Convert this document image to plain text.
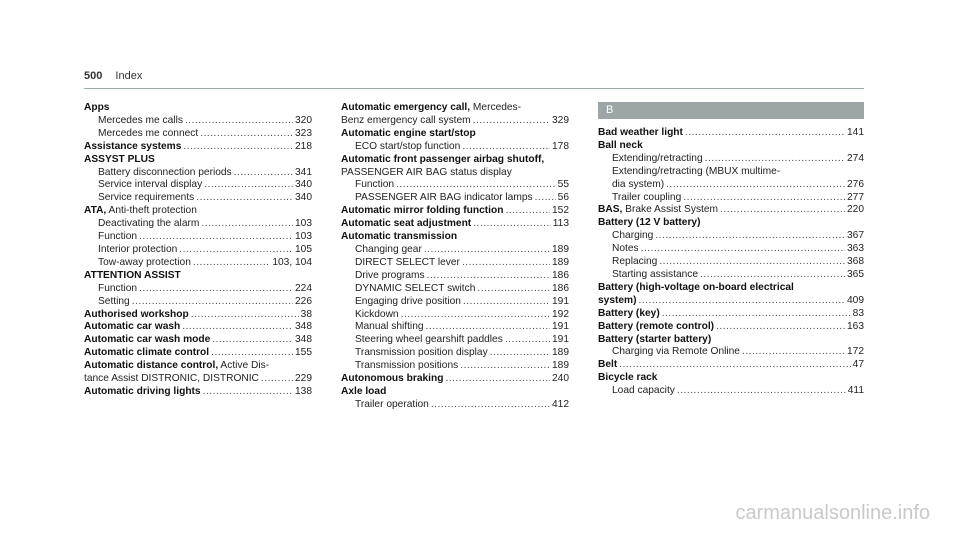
500 Index
Apps
Mercedes me calls .....	320
Mercedes me connect .....	323
Assistance systems .....	218
ASSYST PLUS
Battery disconnection periods .....	341
Service interval display .....	340
Service requirements .....	340
ATA, Anti-theft protection
Deactivating the alarm .....	103
Function .....	103
Interior protection .....	105
Tow-away protection .....	103, 104
ATTENTION ASSIST
Function .....	224
Setting .....	226
Authorised workshop .....	38
Automatic car wash .....	348
Automatic car wash mode .....	348
Automatic climate control .....	155
Automatic distance control, Active Dis-
tance Assist DISTRONIC, DISTRONIC .....	229
Automatic driving lights .....	138
Automatic emergency call, Mercedes-
Benz emergency call system .....	329
Automatic engine start/stop
ECO start/stop function .....	178
Automatic front passenger airbag shutoff,
PASSENGER AIR BAG status display
Function .....	55
PASSENGER AIR BAG indicator lamps ..... 56
Automatic mirror folding function .....	152
Automatic seat adjustment .....	113
Automatic transmission
Changing gear .....	189
DIRECT SELECT lever .....	189
Drive programs .....	186
DYNAMIC SELECT switch .....	186
Engaging drive position .....	191
Kickdown .....	192
Manual shifting .....	191
Steering wheel gearshift paddles .....	191
Transmission position display .....	189
Transmission positions .....	189
Autonomous braking .....	240
Axle load
Trailer operation .....	412
B
Bad weather light .....	141
Ball neck
Extending/retracting .....	274
Extending/retracting (MBUX multime-
dia system) .....	276
Trailer coupling .....	277
BAS, Brake Assist System .....	220
Battery (12 V battery)
Charging .....	367
Notes .....	363
Replacing .....	368
Starting assistance .....	365
Battery (high-voltage on-board electrical
system) .....	409
Battery (key) .....	83
Battery (remote control) .....	163
Battery (starter battery)
Charging via Remote Online .....	172
Belt .....	47
Bicycle rack
Load capacity .....	411
carmanualsonline.info
